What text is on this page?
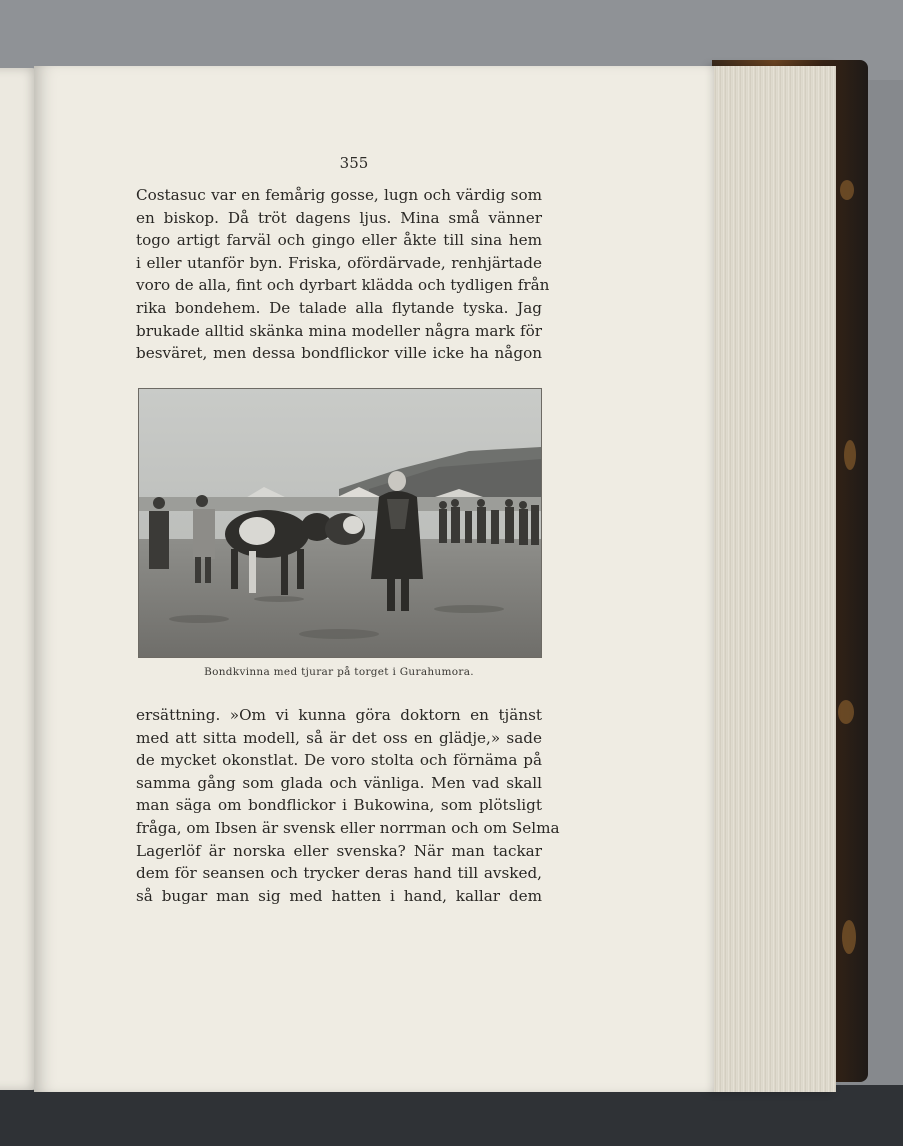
355
Costasuc var en femårig gosse, lugn och värdig som
en biskop. Då tröt dagens ljus. Mina små vänner
togo artigt farväl och gingo eller åkte till sina hem
i eller utanför byn. Friska, ofördärvade, renhjärtade
voro de alla, fint och dyrbart klädda och tydligen från
rika bondehem. De talade alla flytande tyska. Jag
brukade alltid skänka mina modeller några mark för
besväret, men dessa bondflickor ville icke ha någon
Bondkvinna med tjurar på torget i Gurahumora.
ersättning. »Om vi kunna göra doktorn en tjänst
med att sitta modell, så är det oss en glädje,» sade
de mycket okonstlat. De voro stolta och förnäma på
samma gång som glada och vänliga. Men vad skall
man säga om bondflickor i Bukowina, som plötsligt
fråga, om Ibsen är svensk eller norrman och om Selma
Lagerlöf är norska eller svenska? När man tackar
dem för seansen och trycker deras hand till avsked,
så bugar man sig med hatten i hand, kallar dem
